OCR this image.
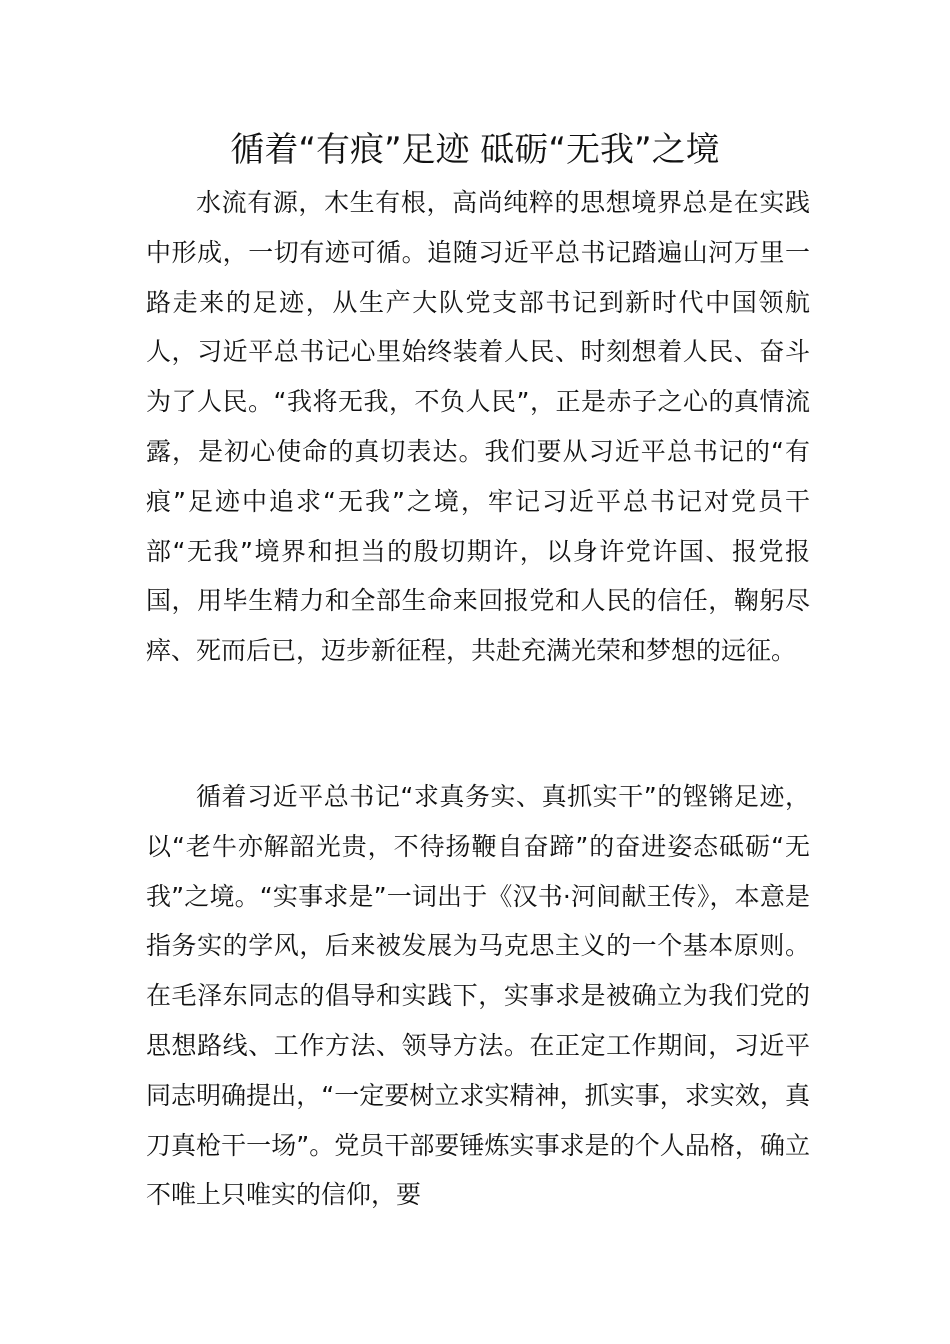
循着“有痕”足迹 砥砺“无我”之境

水流有源，木生有根，高尚纯粹的思想境界总是在实践中形成，一切有迹可循。追随习近平总书记踏遍山河万里一路走来的足迹，从生产大队党支部书记到新时代中国领航人，习近平总书记心里始终装着人民、时刻想着人民、奋斗为了人民。“我将无我，不负人民”，正是赤子之心的真情流露，是初心使命的真切表达。我们要从习近平总书记的“有痕”足迹中追求“无我”之境，牢记习近平总书记对党员干部“无我”境界和担当的殷切期许，以身许党许国、报党报国，用毕生精力和全部生命来回报党和人民的信任，鞠躬尽瘁、死而后已，迈步新征程，共赴充满光荣和梦想的远征。

循着习近平总书记“求真务实、真抓实干”的铿锵足迹，以“老牛亦解韶光贵，不待扬鞭自奋蹄”的奋进姿态砥砺“无我”之境。“实事求是”一词出于《汉书·河间献王传》，本意是指务实的学风，后来被发展为马克思主义的一个基本原则。在毛泽东同志的倡导和实践下，实事求是被确立为我们党的思想路线、工作方法、领导方法。在正定工作期间，习近平同志明确提出，“一定要树立求实精神，抓实事，求实效，真刀真枪干一场”。党员干部要锤炼实事求是的个人品格，确立不唯上只唯实的信仰，要
